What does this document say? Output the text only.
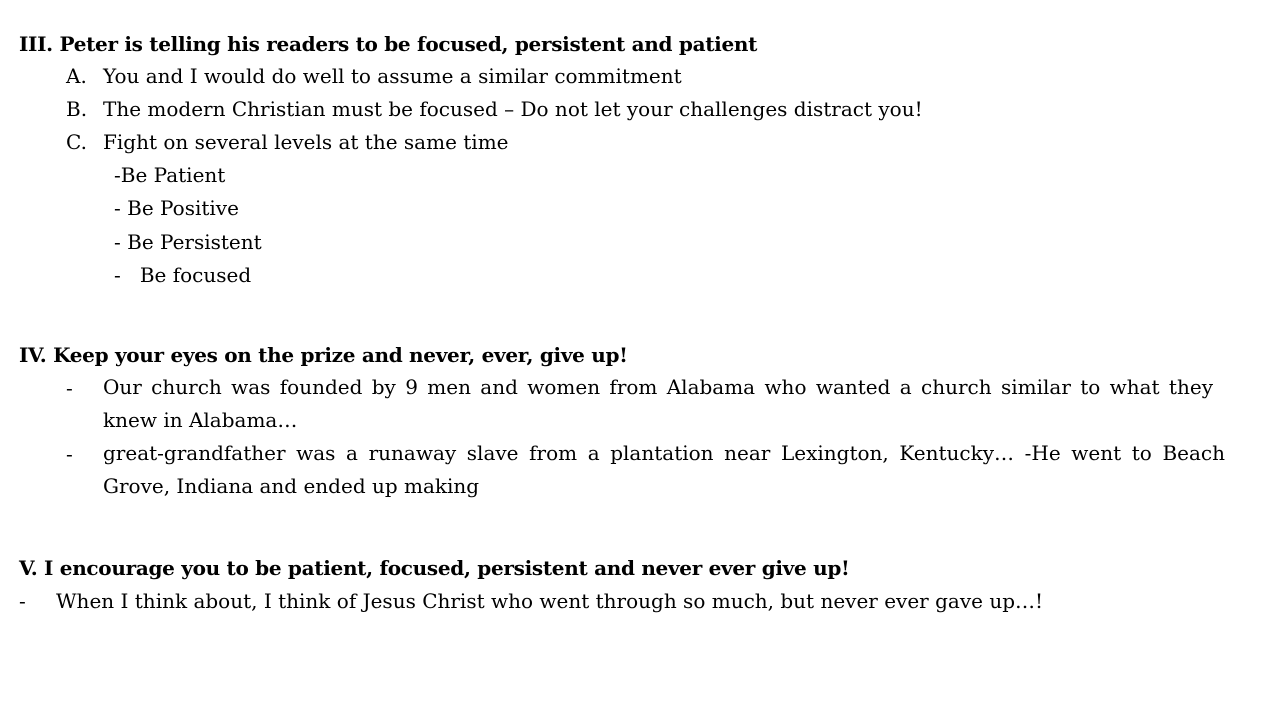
III. Peter is telling his readers to be focused, persistent and patient
A. You and I would do well to assume a similar commitment
B. The modern Christian must be focused – Do not let your challenges distract you!
C. Fight on several levels at the same time
-Be Patient
- Be Positive
- Be Persistent
-   Be focused
IV. Keep your eyes on the prize and never, ever, give up!
- Our church was founded by 9 men and women from Alabama who wanted a church similar to what they knew in Alabama…
- great-grandfather was a runaway slave from a plantation near Lexington, Kentucky… -He went to Beach Grove, Indiana and ended up making
V. I encourage you to be patient, focused, persistent and never ever give up!
- When I think about, I think of Jesus Christ who went through so much, but never ever gave up…!
